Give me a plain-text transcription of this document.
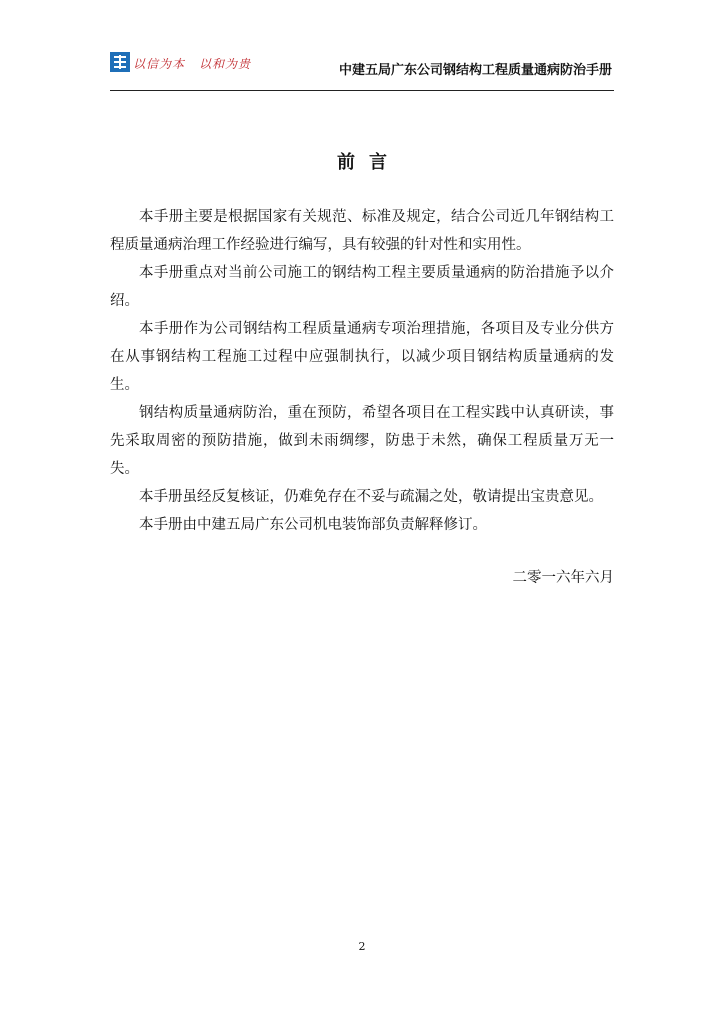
以信为本 以和为贵	中建五局广东公司钢结构工程质量通病防治手册
前言

本手册主要是根据国家有关规范、标准及规定，结合公司近几年钢结构工程质量通病治理工作经验进行编写，具有较强的针对性和实用性。

本手册重点对当前公司施工的钢结构工程主要质量通病的防治措施予以介绍。

本手册作为公司钢结构工程质量通病专项治理措施，各项目及专业分供方在从事钢结构工程施工过程中应强制执行，以减少项目钢结构质量通病的发生。

钢结构质量通病防治，重在预防，希望各项目在工程实践中认真研读，事先采取周密的预防措施，做到未雨绸缪，防患于未然，确保工程质量万无一失。

本手册虽经反复核证，仍难免存在不妥与疏漏之处，敬请提出宝贵意见。

本手册由中建五局广东公司机电装饰部负责解释修订。

二零一六年六月
2
